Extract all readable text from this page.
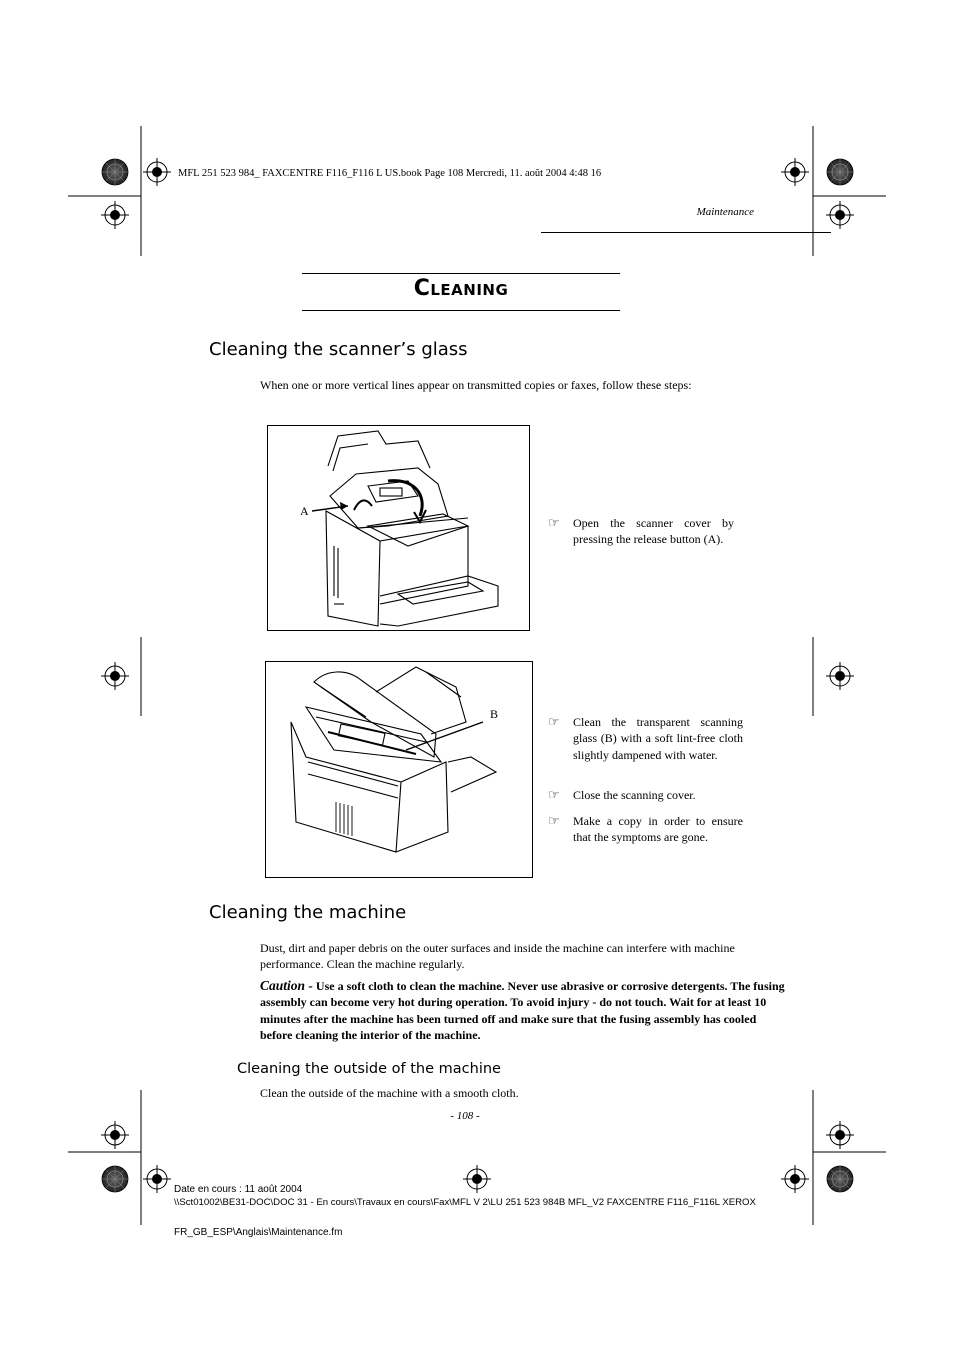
MFL 251 523 984_ FAXCENTRE F116_F116 L US.book Page 108 Mercredi, 11. août 2004 4:48 16
Maintenance
Cleaning
Cleaning the scanner’s glass
When one or more vertical lines appear on transmitted copies or faxes, follow these steps:
A
☞ Open the scanner cover by pressing the release button (A).
B	☞ Clean the transparent scanning glass (B) with a soft lint-free cloth slightly dampened with water.
☞ Close the scanning cover.
☞ Make a copy in order to ensure that the symptoms are gone.
Cleaning the machine
Dust, dirt and paper debris on the outer surfaces and inside the machine can interfere with machine performance. Clean the machine regularly.
Caution - Use a soft cloth to clean the machine. Never use abrasive or corrosive detergents. The fusing assembly can become very hot during operation. To avoid injury - do not touch. Wait for at least 10 minutes after the machine has been turned off and make sure that the fusing assembly has cooled before cleaning the interior of the machine.
Cleaning the outside of the machine
Clean the outside of the machine with a smooth cloth.
- 108 -
Date en cours : 11 août 2004
\\Sct01002\BE31-DOC\DOC 31 - En cours\Travaux en cours\Fax\MFL V 2\LU 251 523 984B MFL_V2 FAXCENTRE F116_F116L XEROX
FR_GB_ESP\Anglais\Maintenance.fm
